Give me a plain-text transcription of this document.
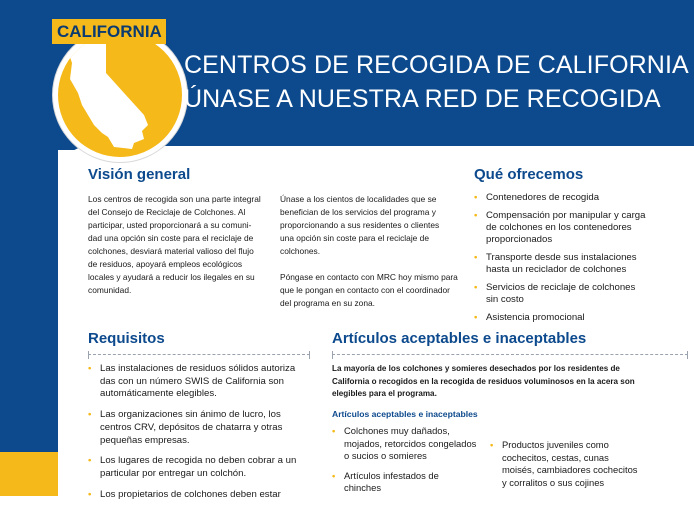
CALIFORNIA
CENTROS DE RECOGIDA DE CALIFORNIA
ÚNASE A NUESTRA RED DE RECOGIDA
Visión general
Los centros de recogida son una parte integral
del Consejo de Reciclaje de Colchones. Al
participar, usted proporcionará a su comuni-
dad una opción sin coste para el reciclaje de
colchones, desviará material valioso del flujo
de residuos, apoyará empleos ecológicos
locales y ayudará a reducir los ilegales en su
comunidad.
Únase a los cientos de localidades que se
benefician de los servicios del programa y
proporcionando a sus residentes o clientes
una opción sin coste para el reciclaje de
colchones.
Póngase en contacto con MRC hoy mismo para
que le pongan en contacto con el coordinador
del programa en su zona.
Qué ofrecemos
• Contenedores de recogida
• Compensación por manipular y carga
de colchones en los contenedores
proporcionados
• Transporte desde sus instalaciones
hasta un reciclador de colchones
• Servicios de reciclaje de colchones
sin costo
• Asistencia promocional
Requisitos
• Las instalaciones de residuos sólidos autoriza
das con un número SWIS de California son
automáticamente elegibles.
• Las organizaciones sin ánimo de lucro, los
centros CRV, depósitos de chatarra y otras
pequeñas empresas.
• Los lugares de recogida no deben cobrar a un
particular por entregar un colchón.
• Los propietarios de colchones deben estar
Artículos aceptables e inaceptables
La mayoría de los colchones y somieres desechados por los residentes de
California o recogidos en la recogida de residuos voluminosos en la acera son
elegibles para el programa.
Artículos aceptables e inaceptables
• Colchones muy dañados,
mojados, retorcidos congelados
o sucios o somieres
• Artículos infestados de
chinches
• Productos juveniles como
cochecitos, cestas, cunas
moisés, cambiadores cochecitos
y corralitos o sus cojines
